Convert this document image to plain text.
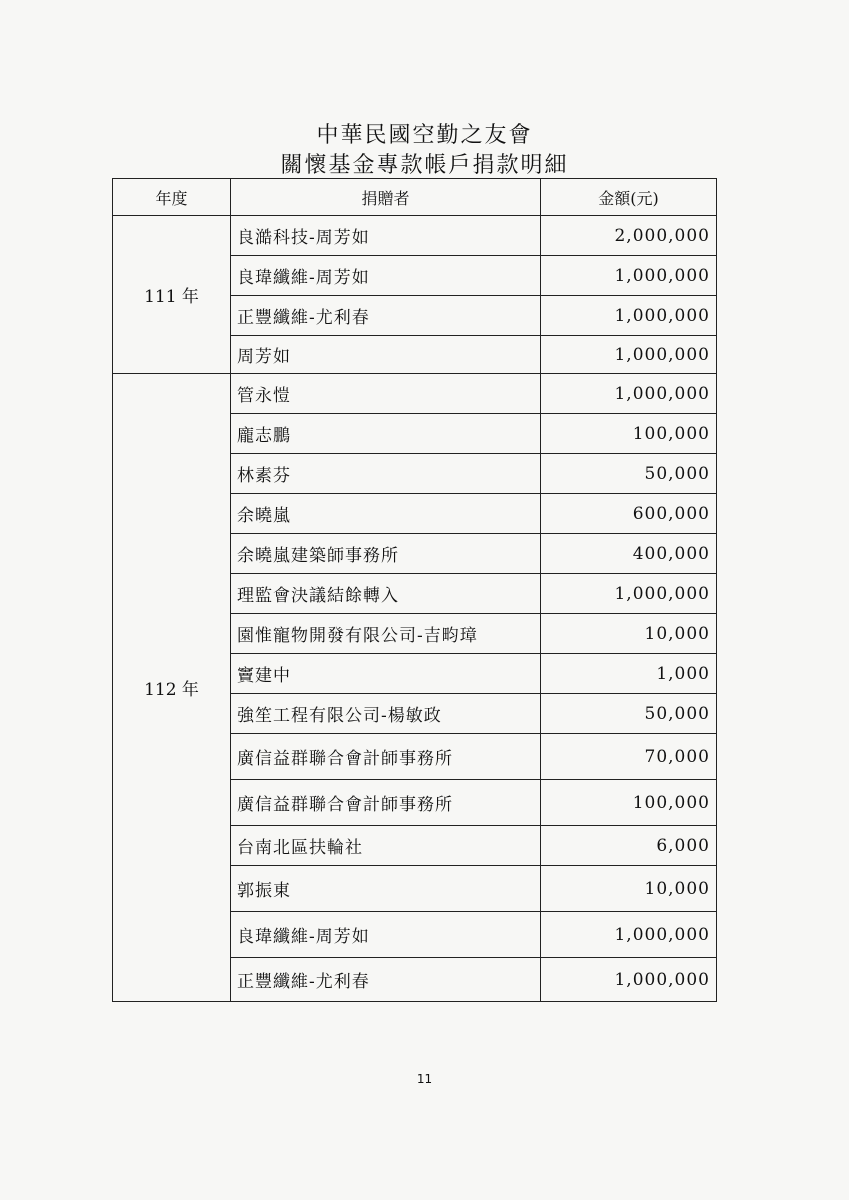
中華民國空勤之友會
關懷基金專款帳戶捐款明細
年度	捐贈者	金額(元)
111 年	良澔科技-周芳如	2,000,000
	良瑋纖維-周芳如	1,000,000
	正豐纖維-尤利春	1,000,000
	周芳如	1,000,000
112 年	管永愷	1,000,000
	龐志鵬	100,000
	林素芬	50,000
	余曉嵐	600,000
	余曉嵐建築師事務所	400,000
	理監會決議結餘轉入	1,000,000
	園惟寵物開發有限公司-吉畇璋	10,000
	竇建中	1,000
	強笙工程有限公司-楊敏政	50,000
	廣信益群聯合會計師事務所	70,000
	廣信益群聯合會計師事務所	100,000
	台南北區扶輪社	6,000
	郭振東	10,000
	良瑋纖維-周芳如	1,000,000
	正豐纖維-尤利春	1,000,000
11
